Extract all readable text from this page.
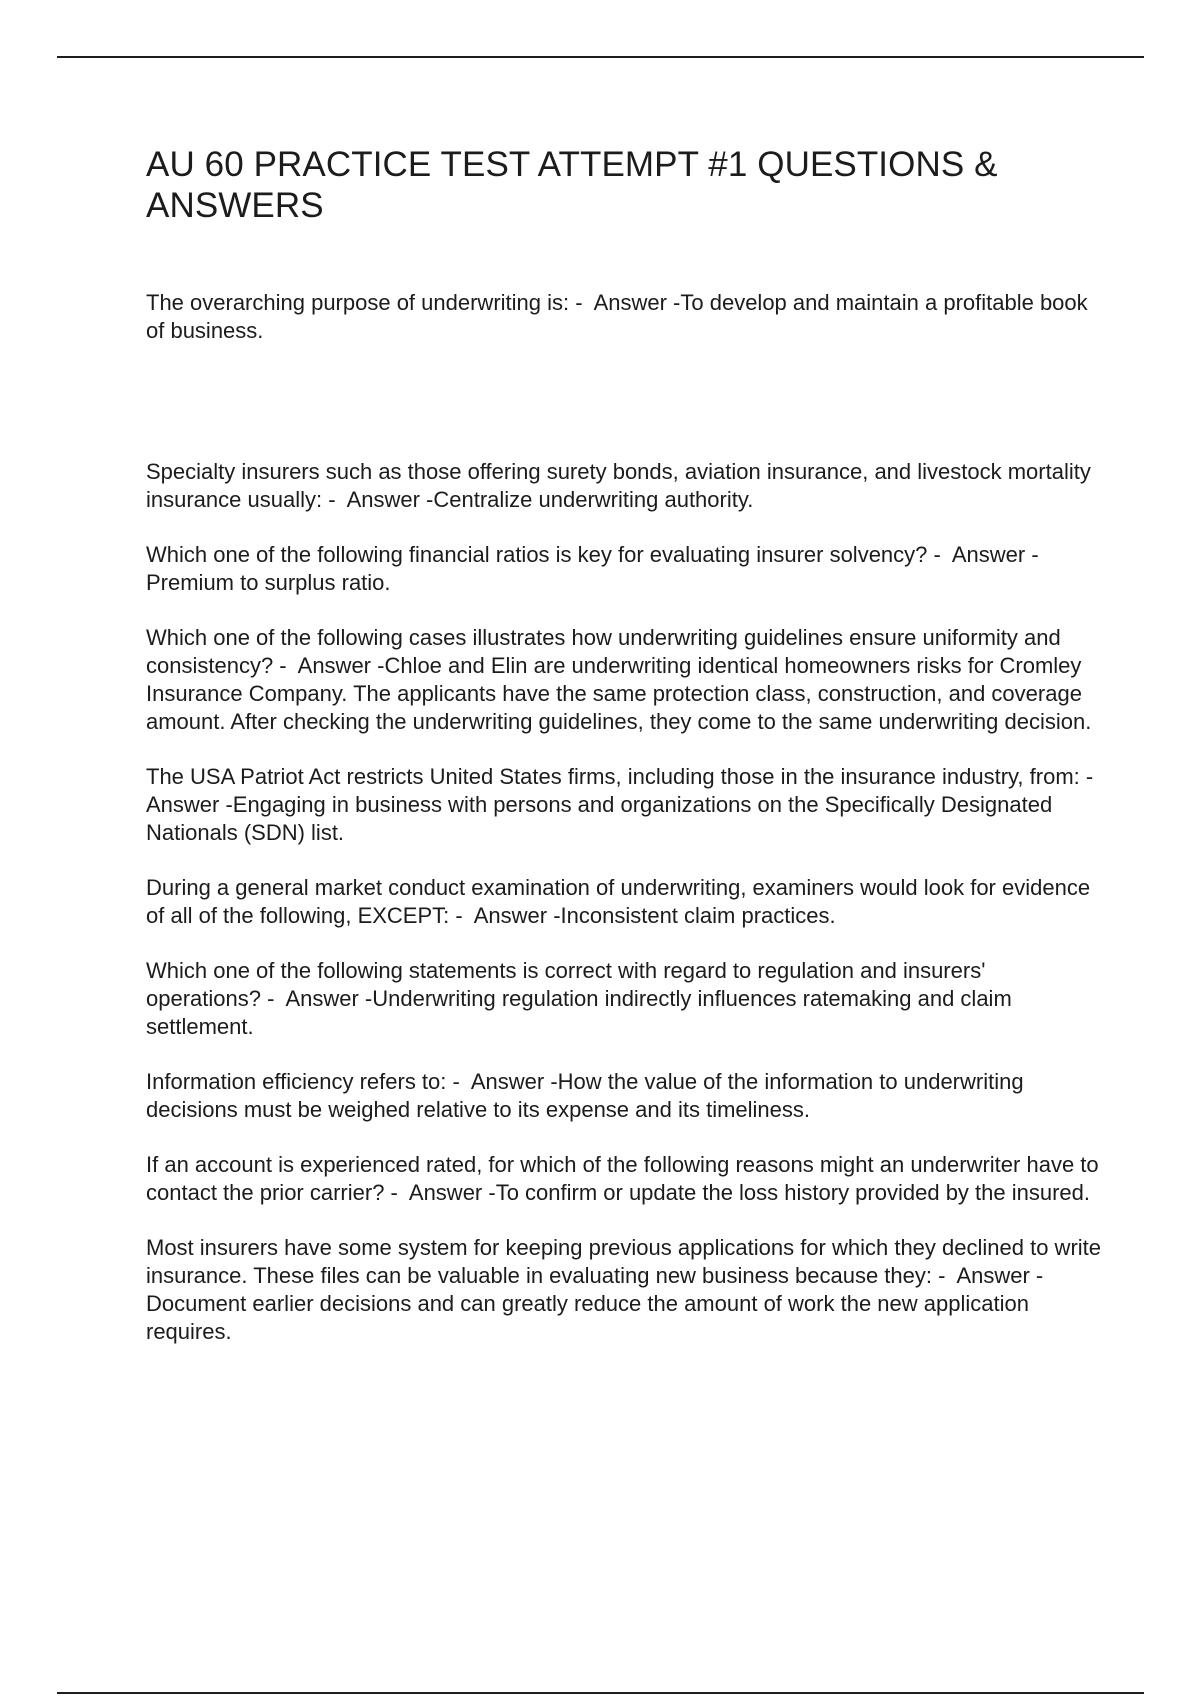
AU 60 PRACTICE TEST ATTEMPT #1 QUESTIONS & ANSWERS

The overarching purpose of underwriting is: -  Answer -To develop and maintain a profitable book of business.

Specialty insurers such as those offering surety bonds, aviation insurance, and livestock mortality insurance usually: -  Answer -Centralize underwriting authority.

Which one of the following financial ratios is key for evaluating insurer solvency? -  Answer -Premium to surplus ratio.

Which one of the following cases illustrates how underwriting guidelines ensure uniformity and consistency? -  Answer -Chloe and Elin are underwriting identical homeowners risks for Cromley Insurance Company. The applicants have the same protection class, construction, and coverage amount. After checking the underwriting guidelines, they come to the same underwriting decision.

The USA Patriot Act restricts United States firms, including those in the insurance industry, from: -  Answer -Engaging in business with persons and organizations on the Specifically Designated Nationals (SDN) list.

During a general market conduct examination of underwriting, examiners would look for evidence of all of the following, EXCEPT: -  Answer -Inconsistent claim practices.

Which one of the following statements is correct with regard to regulation and insurers' operations? -  Answer -Underwriting regulation indirectly influences ratemaking and claim settlement.

Information efficiency refers to: -  Answer -How the value of the information to underwriting decisions must be weighed relative to its expense and its timeliness.

If an account is experienced rated, for which of the following reasons might an underwriter have to contact the prior carrier? -  Answer -To confirm or update the loss history provided by the insured.

Most insurers have some system for keeping previous applications for which they declined to write insurance. These files can be valuable in evaluating new business because they: -  Answer -Document earlier decisions and can greatly reduce the amount of work the new application requires.
